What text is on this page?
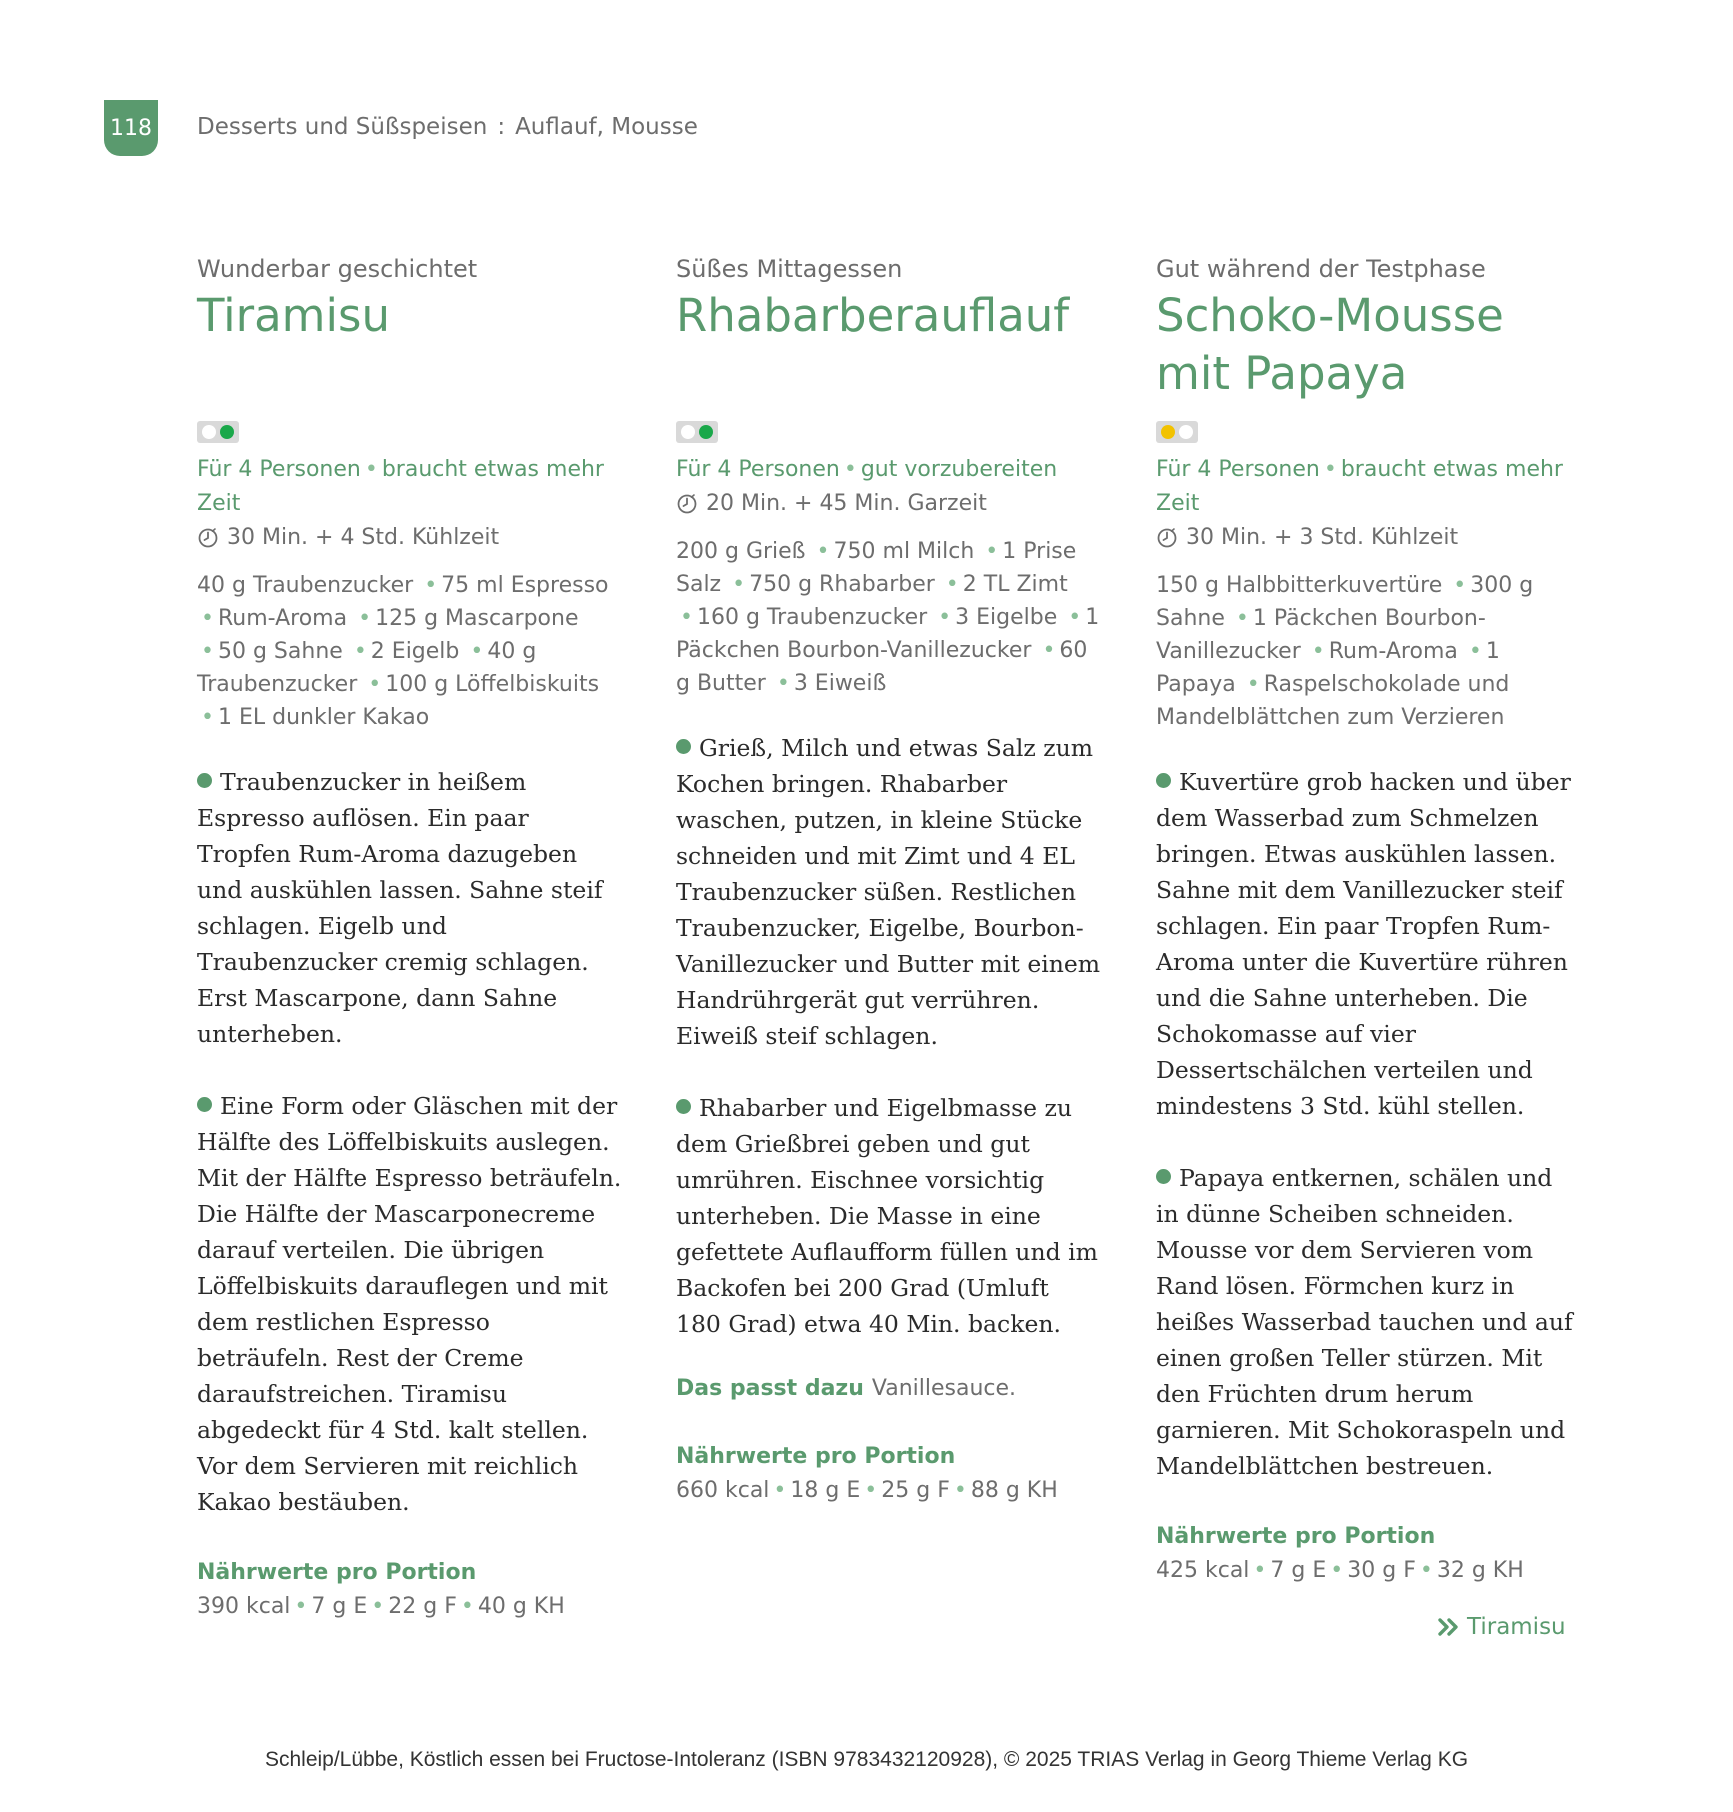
118 Desserts und Süßspeisen : Auflauf, Mousse
Wunderbar geschichtet
Tiramisu
Für 4 Personen • braucht etwas mehr Zeit
30 Min. + 4 Std. Kühlzeit
40 g Traubenzucker • 75 ml Espresso • Rum-Aroma • 125 g Mascarpone • 50 g Sahne • 2 Eigelb • 40 g Traubenzucker • 100 g Löffelbiskuits • 1 EL dunkler Kakao
Traubenzucker in heißem Espresso auflösen. Ein paar Tropfen Rum-Aroma dazugeben und auskühlen lassen. Sahne steif schlagen. Eigelb und Traubenzucker cremig schlagen. Erst Mascarpone, dann Sahne unterheben.
Eine Form oder Gläschen mit der Hälfte des Löffelbiskuits auslegen. Mit der Hälfte Espresso beträufeln. Die Hälfte der Mascarponecreme darauf verteilen. Die übrigen Löffelbiskuits darauflegen und mit dem restlichen Espresso beträufeln. Rest der Creme daraufstreichen. Tiramisu abgedeckt für 4 Std. kalt stellen. Vor dem Servieren mit reichlich Kakao bestäuben.
Nährwerte pro Portion
390 kcal • 7 g E • 22 g F • 40 g KH
Süßes Mittagessen
Rhabarberauflauf
Für 4 Personen • gut vorzubereiten
20 Min. + 45 Min. Garzeit
200 g Grieß • 750 ml Milch • 1 Prise Salz • 750 g Rhabarber • 2 TL Zimt • 160 g Traubenzucker • 3 Eigelbe • 1 Päckchen Bourbon-Vanillezucker • 60 g Butter • 3 Eiweiß
Grieß, Milch und etwas Salz zum Kochen bringen. Rhabarber waschen, putzen, in kleine Stücke schneiden und mit Zimt und 4 EL Traubenzucker süßen. Restlichen Traubenzucker, Eigelbe, Bourbon-Vanillezucker und Butter mit einem Handrührgerät gut verrühren. Eiweiß steif schlagen.
Rhabarber und Eigelbmasse zu dem Grießbrei geben und gut umrühren. Eischnee vorsichtig unterheben. Die Masse in eine gefettete Auflaufform füllen und im Backofen bei 200 Grad (Umluft 180 Grad) etwa 40 Min. backen.
Das passt dazu Vanillesauce.
Nährwerte pro Portion
660 kcal • 18 g E • 25 g F • 88 g KH
Gut während der Testphase
Schoko-Mousse
mit Papaya
Für 4 Personen • braucht etwas mehr Zeit
30 Min. + 3 Std. Kühlzeit
150 g Halbbitterkuvertüre • 300 g Sahne • 1 Päckchen Bourbon-Vanillezucker • Rum-Aroma • 1 Papaya • Raspelschokolade und Mandelblättchen zum Verzieren
Kuvertüre grob hacken und über dem Wasserbad zum Schmelzen bringen. Etwas auskühlen lassen. Sahne mit dem Vanillezucker steif schlagen. Ein paar Tropfen Rum-Aroma unter die Kuvertüre rühren und die Sahne unterheben. Die Schokomasse auf vier Dessertschälchen verteilen und mindestens 3 Std. kühl stellen.
Papaya entkernen, schälen und in dünne Scheiben schneiden. Mousse vor dem Servieren vom Rand lösen. Förmchen kurz in heißes Wasserbad tauchen und auf einen großen Teller stürzen. Mit den Früchten drum herum garnieren. Mit Schokoraspeln und Mandelblättchen bestreuen.
Nährwerte pro Portion
425 kcal • 7 g E • 30 g F • 32 g KH
Tiramisu
Schleip/Lübbe, Köstlich essen bei Fructose-Intoleranz (ISBN 9783432120928), © 2025 TRIAS Verlag in Georg Thieme Verlag KG
